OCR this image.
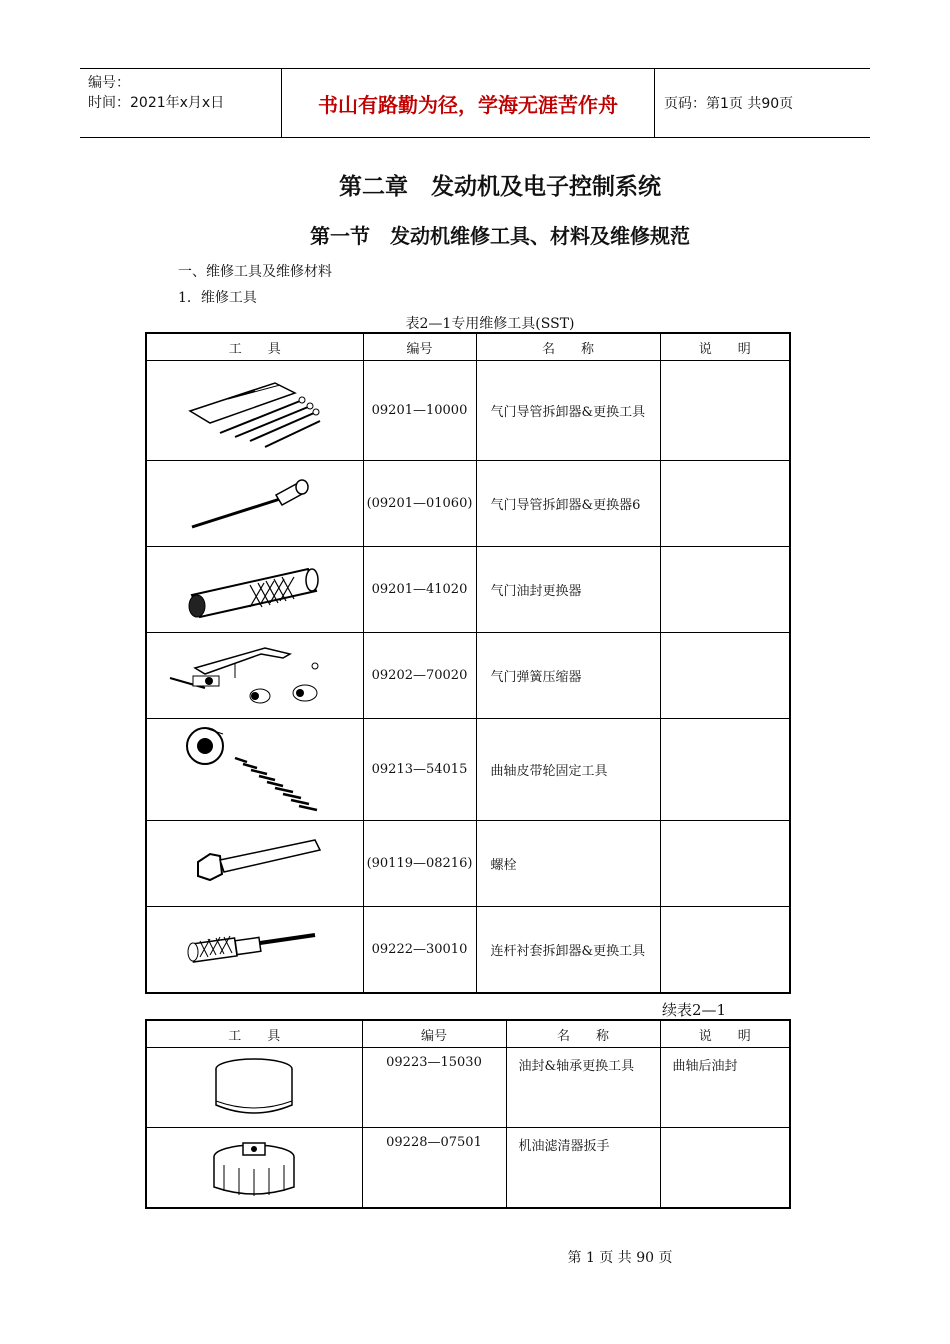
编号：
时间：2021年x月x日	书山有路勤为径，学海无涯苦作舟	页码：第1页 共90页
第二章　发动机及电子控制系统
第一节　发动机维修工具、材料及维修规范
一、维修工具及维修材料
1．维修工具
表2—1专用维修工具(SST)
工　　具	编号	名　　称	说　　明

	09201—10000	气门导管拆卸器&更换工具	

	(09201—01060)	气门导管拆卸器&更换器6	

	09201—41020	气门油封更换器	

	09202—70020	气门弹簧压缩器	

	09213—54015	曲轴皮带轮固定工具	

	(90119—08216)	螺栓	

	09222—30010	连杆衬套拆卸器&更换工具	
续表2—1
工　　具	编号	名　　称	说　　明

	09223—15030	油封&轴承更换工具	曲轴后油封

	09228—07501	机油滤清器扳手	
第 1 页 共 90 页
